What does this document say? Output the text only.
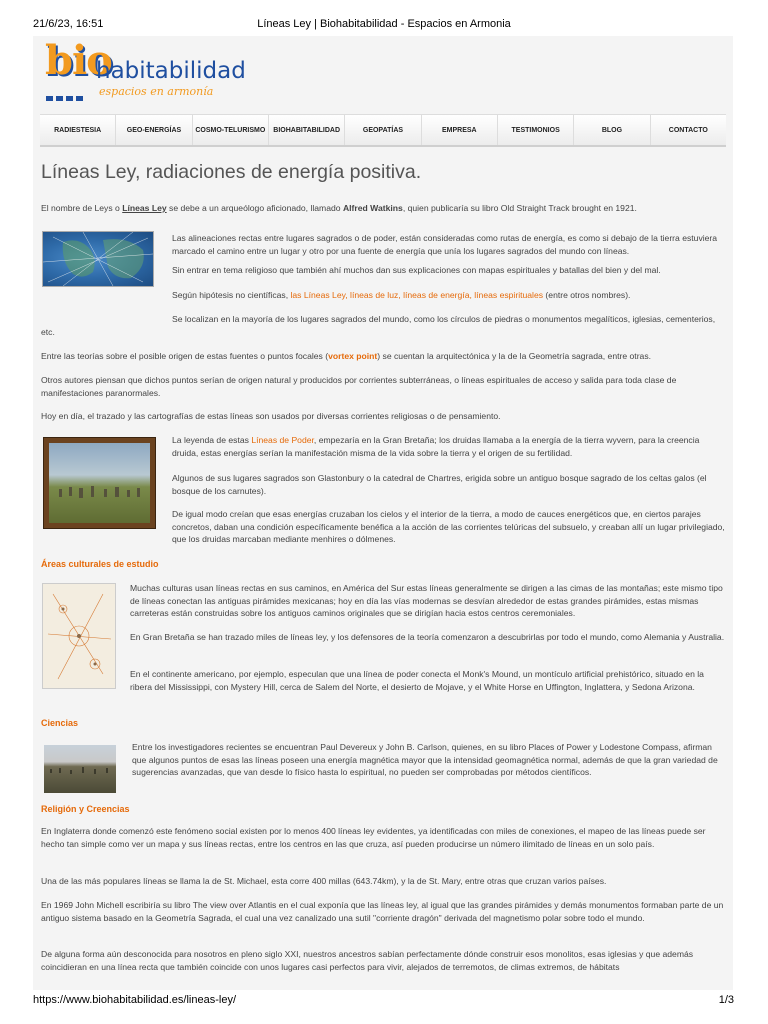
21/6/23, 16:51	Líneas Ley | Biohabitabilidad - Espacios en Armonia
bio
habitabilidad
espacios en armonía
RADIESTESIA	GEO-ENERGÍAS	COSMO-TELURISMO	BIOHABITABILIDAD	GEOPATÍAS	EMPRESA	TESTIMONIOS	BLOG	CONTACTO
Líneas Ley, radiaciones de energía positiva.

El nombre de Leys o Líneas Ley se debe a un arqueólogo aficionado, llamado Alfred Watkins, quien publicaría su libro Old Straight Track brought en 1921.

Las alineaciones rectas entre lugares sagrados o de poder, están consideradas como rutas de energía, es como si debajo de la tierra estuviera marcado el camino entre un lugar y otro por una fuente de energía que unía los lugares sagrados del mundo con líneas.

Sin entrar en tema religioso que también ahí muchos dan sus explicaciones con mapas espirituales y batallas del bien y del mal.

Según hipótesis no científicas, las Líneas Ley, líneas de luz, líneas de energía, líneas espirituales (entre otros nombres).

Se localizan en la mayoría de los lugares sagrados del mundo, como los círculos de piedras o monumentos megalíticos, iglesias, cementerios, etc.

Entre las teorías sobre el posible origen de estas fuentes o puntos focales (vortex point) se cuentan la arquitectónica y la de la Geometría sagrada, entre otras.

Otros autores piensan que dichos puntos serían de origen natural y producidos por corrientes subterráneas, o líneas espirituales de acceso y salida para toda clase de manifestaciones paranormales.

Hoy en día, el trazado y las cartografías de estas líneas son usados por diversas corrientes religiosas o de pensamiento.

La leyenda de estas Líneas de Poder, empezaría en la Gran Bretaña; los druidas llamaba a la energía de la tierra wyvern, para la creencia druida, estas energías serían la manifestación misma de la vida sobre la tierra y el origen de su fertilidad.

Algunos de sus lugares sagrados son Glastonbury o la catedral de Chartres, erigida sobre un antiguo bosque sagrado de los celtas galos (el bosque de los carnutes).

De igual modo creían que esas energías cruzaban los cielos y el interior de la tierra, a modo de cauces energéticos que, en ciertos parajes concretos, daban una condición específicamente benéfica a la acción de las corrientes telúricas del subsuelo, y creaban allí un lugar privilegiado, que los druidas marcaban mediante menhires o dólmenes.

Áreas culturales de estudio

Muchas culturas usan líneas rectas en sus caminos, en América del Sur estas líneas generalmente se dirigen a las cimas de las montañas; este mismo tipo de líneas conectan las antiguas pirámides mexicanas; hoy en día las vías modernas se desvían alrededor de estas grandes pirámides, estas mismas carreteras están construidas sobre los antiguos caminos originales que se dirigían hacia estos centros ceremoniales.

En Gran Bretaña se han trazado miles de líneas ley, y los defensores de la teoría comenzaron a descubrirlas por todo el mundo, como Alemania y Australia.

En el continente americano, por ejemplo, especulan que una línea de poder conecta el Monk's Mound, un montículo artificial prehistórico, situado en la ribera del Mississippi, con Mystery Hill, cerca de Salem del Norte, el desierto de Mojave, y el White Horse en Uffington, Inglattera, y Sedona Arizona.

Ciencias

Entre los investigadores recientes se encuentran Paul Devereux y John B. Carlson, quienes, en su libro Places of Power y Lodestone Compass, afirman que algunos puntos de esas las líneas poseen una energía magnética mayor que la intensidad geomagnética normal, además de que la gran variedad de sugerencias avanzadas, que van desde lo físico hasta lo espiritual, no pueden ser comprobadas por métodos científicos.

Religión y Creencias

En Inglaterra donde comenzó este fenómeno social existen por lo menos 400 líneas ley evidentes, ya identificadas con miles de conexiones, el mapeo de las líneas puede ser hecho tan simple como ver un mapa y sus líneas rectas, entre los centros en las que cruza, así pueden producirse un número ilimitado de líneas en un solo país.

Una de las más populares líneas se llama la de St. Michael, esta corre 400 millas (643.74km), y la de St. Mary, entre otras que cruzan varios países.

En 1969 John Michell escribiría su libro The view over Atlantis en el cual exponía que las líneas ley, al igual que las grandes pirámides y demás monumentos formaban parte de un antiguo sistema basado en la Geometría Sagrada, el cual una vez canalizado una sutil "corriente dragón" derivada del magnetismo polar sobre todo el mundo.

De alguna forma aún desconocida para nosotros en pleno siglo XXI, nuestros ancestros sabían perfectamente dónde construir esos monolitos, esas iglesias y que además coincidieran en una línea recta que también coincide con unos lugares casi perfectos para vivir, alejados de terremotos, de climas extremos, de hábitats

https://www.biohabitabilidad.es/lineas-ley/	1/3
